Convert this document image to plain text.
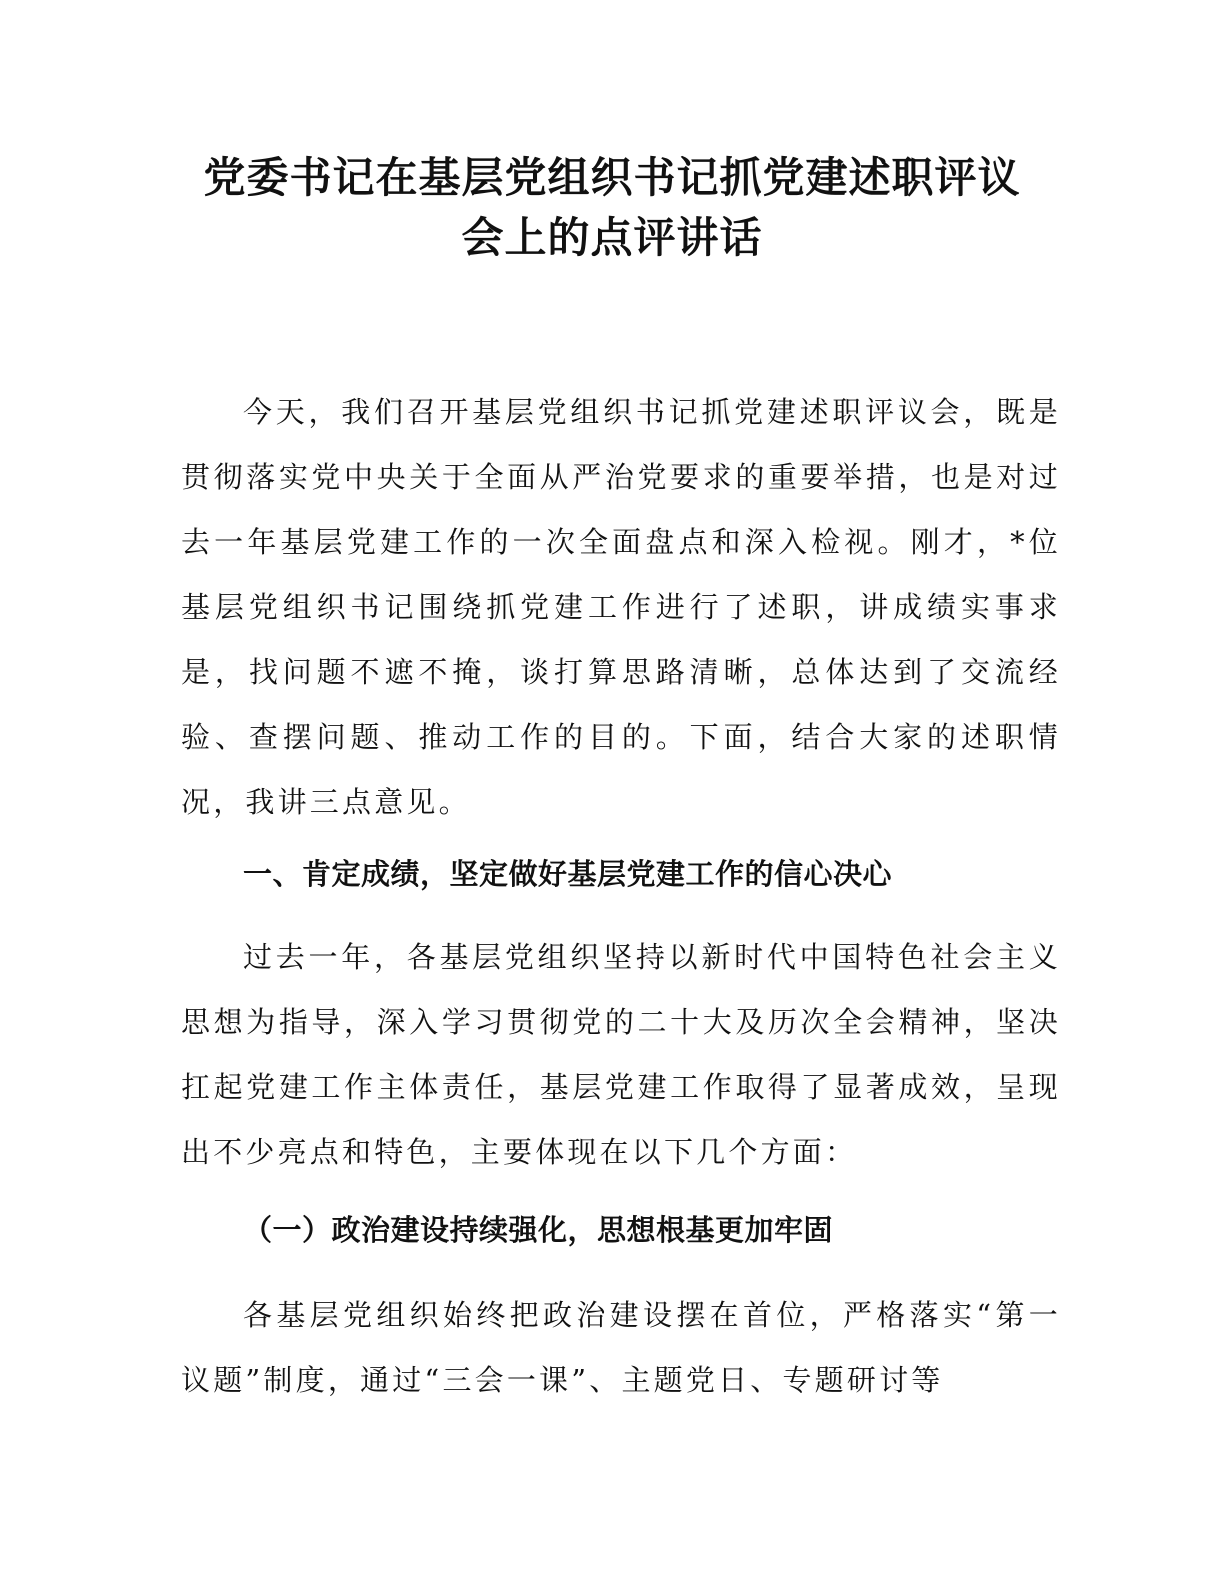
党委书记在基层党组织书记抓党建述职评议
会上的点评讲话

今天，我们召开基层党组织书记抓党建述职评议会，既是贯彻落实党中央关于全面从严治党要求的重要举措，也是对过去一年基层党建工作的一次全面盘点和深入检视。刚才，*位基层党组织书记围绕抓党建工作进行了述职，讲成绩实事求是，找问题不遮不掩，谈打算思路清晰，总体达到了交流经验、查摆问题、推动工作的目的。下面，结合大家的述职情况，我讲三点意见。

一、肯定成绩，坚定做好基层党建工作的信心决心

过去一年，各基层党组织坚持以新时代中国特色社会主义思想为指导，深入学习贯彻党的二十大及历次全会精神，坚决扛起党建工作主体责任，基层党建工作取得了显著成效，呈现出不少亮点和特色，主要体现在以下几个方面：

（一）政治建设持续强化，思想根基更加牢固

各基层党组织始终把政治建设摆在首位，严格落实“第一议题”制度，通过“三会一课”、主题党日、专题研讨等
